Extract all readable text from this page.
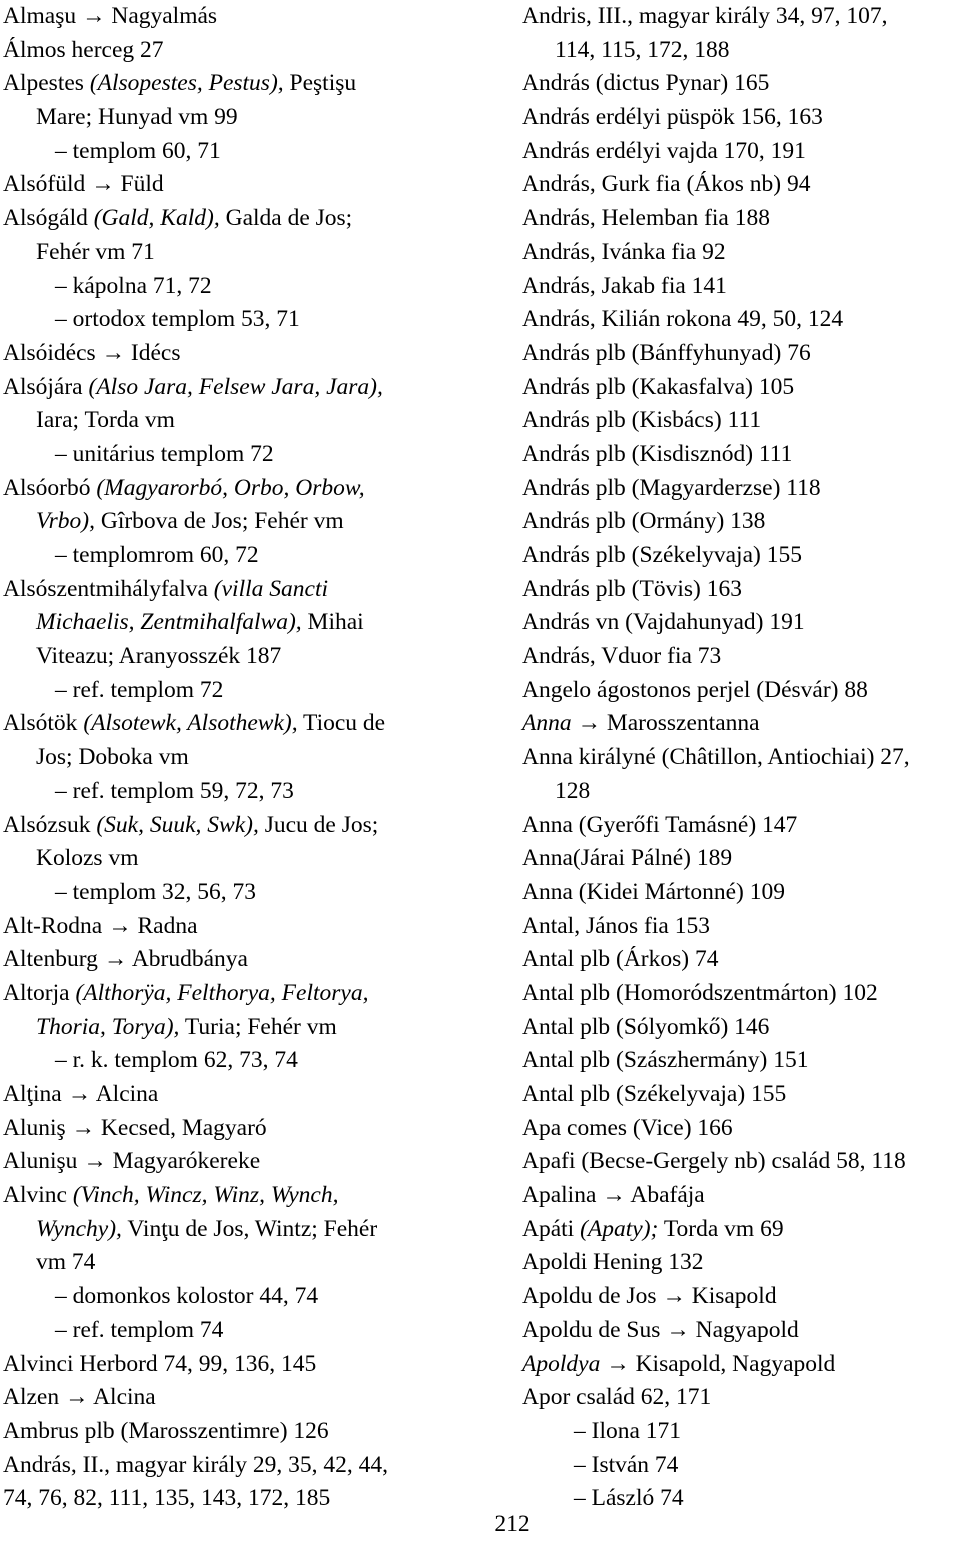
Almaşu → Nagyalmás
Álmos herceg 27
Alpestes (Alsopestes, Pestus), Peştişu
Mare; Hunyad vm 99
– templom 60, 71
Alsófüld → Füld
Alsógáld (Gald, Kald), Galda de Jos;
Fehér vm 71
– kápolna 71, 72
– ortodox templom 53, 71
Alsóidécs → Idécs
Alsójára (Also Jara, Felsew Jara, Jara),
Iara; Torda vm
– unitárius templom 72
Alsóorbó (Magyarorbó, Orbo, Orbow,
Vrbo), Gîrbova de Jos; Fehér vm
– templomrom 60, 72
Alsószentmihályfalva (villa Sancti
Michaelis, Zentmihalfalwa), Mihai
Viteazu; Aranyosszék 187
– ref. templom 72
Alsótök (Alsotewk, Alsothewk), Tiocu de
Jos; Doboka vm
– ref. templom 59, 72, 73
Alsózsuk (Suk, Suuk, Swk), Jucu de Jos;
Kolozs vm
– templom 32, 56, 73
Alt-Rodna → Radna
Altenburg → Abrudbánya
Altorja (Althorÿa, Felthorya, Feltorya,
Thoria, Torya), Turia; Fehér vm
– r. k. templom 62, 73, 74
Alţina → Alcina
Aluniş → Kecsed, Magyaró
Alunişu → Magyarókereke
Alvinc (Vinch, Wincz, Winz, Wynch,
Wynchy), Vinţu de Jos, Wintz; Fehér
vm 74
– domonkos kolostor 44, 74
– ref. templom 74
Alvinci Herbord 74, 99, 136, 145
Alzen → Alcina
Ambrus plb (Marosszentimre) 126
András, II., magyar király 29, 35, 42, 44,
74, 76, 82, 111, 135, 143, 172, 185
Andris, III., magyar király 34, 97, 107,
114, 115, 172, 188
András (dictus Pynar) 165
András erdélyi püspök 156, 163
András erdélyi vajda 170, 191
András, Gurk fia (Ákos nb) 94
András, Helemban fia 188
András, Ivánka fia 92
András, Jakab fia 141
András, Kilián rokona 49, 50, 124
András plb (Bánffyhunyad) 76
András plb (Kakasfalva) 105
András plb (Kisbács) 111
András plb (Kisdisznód) 111
András plb (Magyarderzse) 118
András plb (Ormány) 138
András plb (Székelyvaja) 155
András plb (Tövis) 163
András vn (Vajdahunyad) 191
András, Vduor fia 73
Angelo ágostonos perjel (Désvár) 88
Anna → Marosszentanna
Anna királyné (Châtillon, Antiochiai) 27,
128
Anna (Gyerőfi Tamásné) 147
Anna(Járai Pálné) 189
Anna (Kidei Mártonné) 109
Antal, János fia 153
Antal plb (Árkos) 74
Antal plb (Homoródszentmárton) 102
Antal plb (Sólyomkő) 146
Antal plb (Szászhermány) 151
Antal plb (Székelyvaja) 155
Apa comes (Vice) 166
Apafi (Becse-Gergely nb) család 58, 118
Apalina → Abafája
Apáti (Apaty); Torda vm 69
Apoldi Hening 132
Apoldu de Jos → Kisapold
Apoldu de Sus → Nagyapold
Apoldya → Kisapold, Nagyapold
Apor család 62, 171
– Ilona 171
– István 74
– László 74
212
